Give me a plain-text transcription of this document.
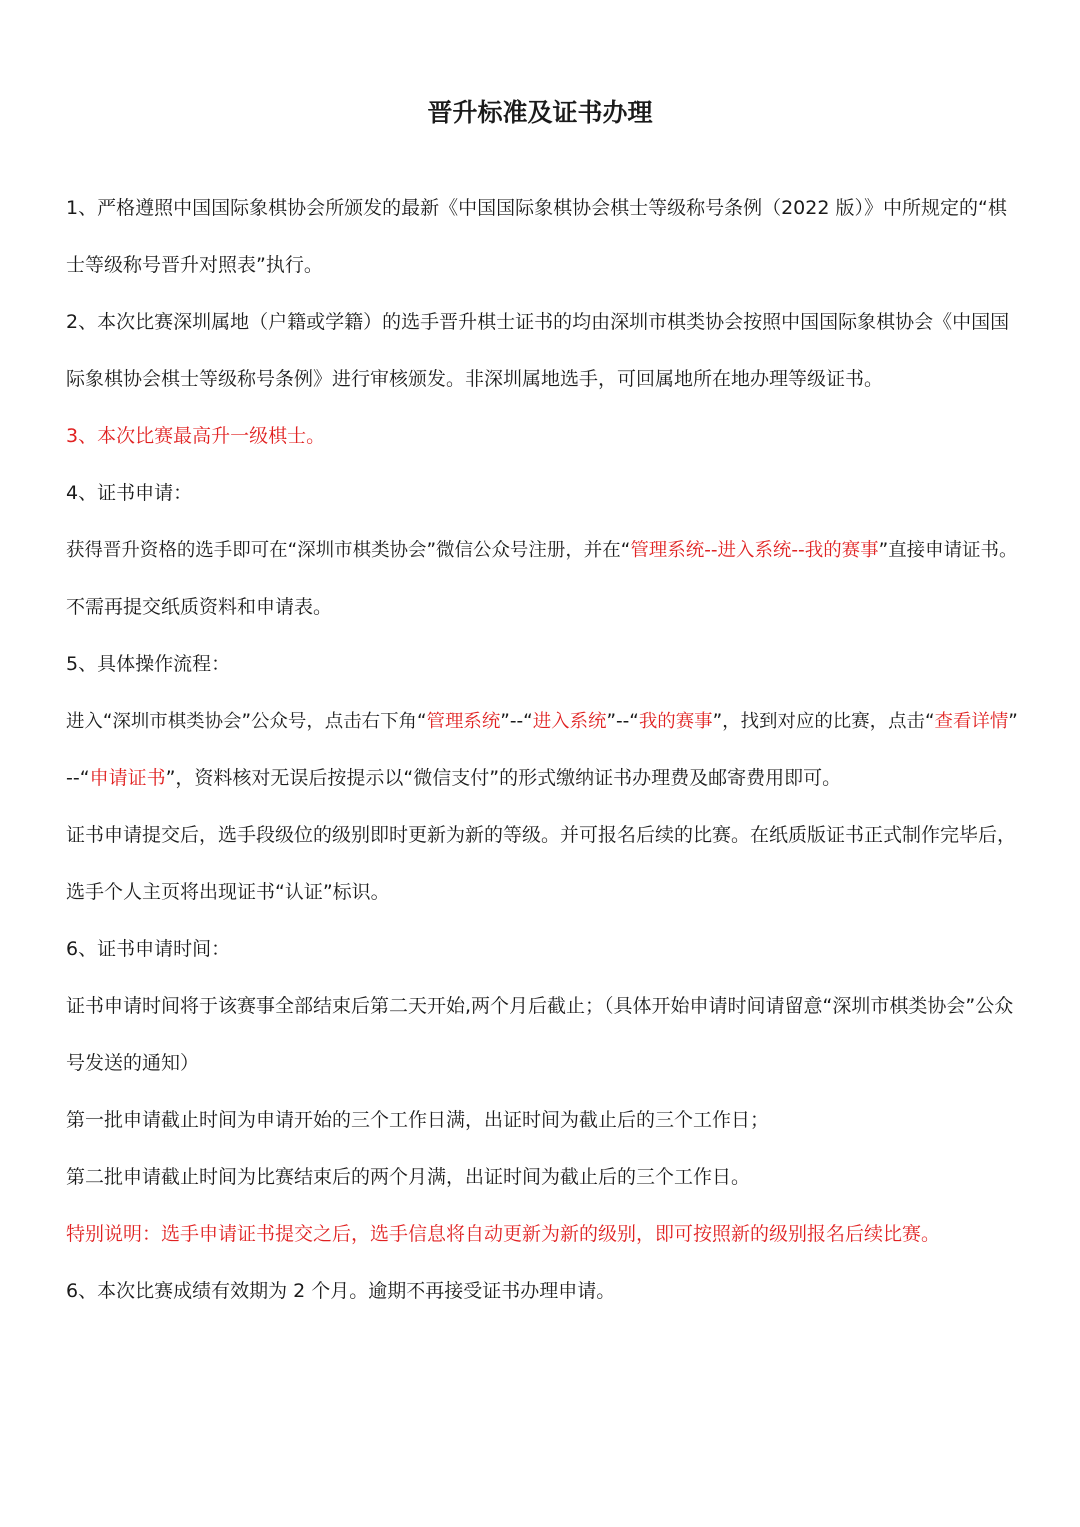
晋升标准及证书办理

1、严格遵照中国国际象棋协会所颁发的最新《中国国际象棋协会棋士等级称号条例（2022 版）》中所规定的“棋

士等级称号晋升对照表”执行。

2、本次比赛深圳属地（户籍或学籍）的选手晋升棋士证书的均由深圳市棋类协会按照中国国际象棋协会《中国国

际象棋协会棋士等级称号条例》进行审核颁发。非深圳属地选手，可回属地所在地办理等级证书。

3、本次比赛最高升一级棋士。

4、证书申请：

获得晋升资格的选手即可在“深圳市棋类协会”微信公众号注册，并在“管理系统--进入系统--我的赛事”直接申请证书。

不需再提交纸质资料和申请表。

5、具体操作流程：

进入“深圳市棋类协会”公众号，点击右下角“管理系统”--“进入系统”--“我的赛事”，找到对应的比赛，点击“查看详情”

--“申请证书”，资料核对无误后按提示以“微信支付”的形式缴纳证书办理费及邮寄费用即可。

证书申请提交后，选手段级位的级别即时更新为新的等级。并可报名后续的比赛。在纸质版证书正式制作完毕后，

选手个人主页将出现证书“认证”标识。

6、证书申请时间：

证书申请时间将于该赛事全部结束后第二天开始,两个月后截止；（具体开始申请时间请留意“深圳市棋类协会”公众

号发送的通知）

第一批申请截止时间为申请开始的三个工作日满，出证时间为截止后的三个工作日；

第二批申请截止时间为比赛结束后的两个月满，出证时间为截止后的三个工作日。

特别说明：选手申请证书提交之后，选手信息将自动更新为新的级别，即可按照新的级别报名后续比赛。

6、本次比赛成绩有效期为 2 个月。逾期不再接受证书办理申请。
